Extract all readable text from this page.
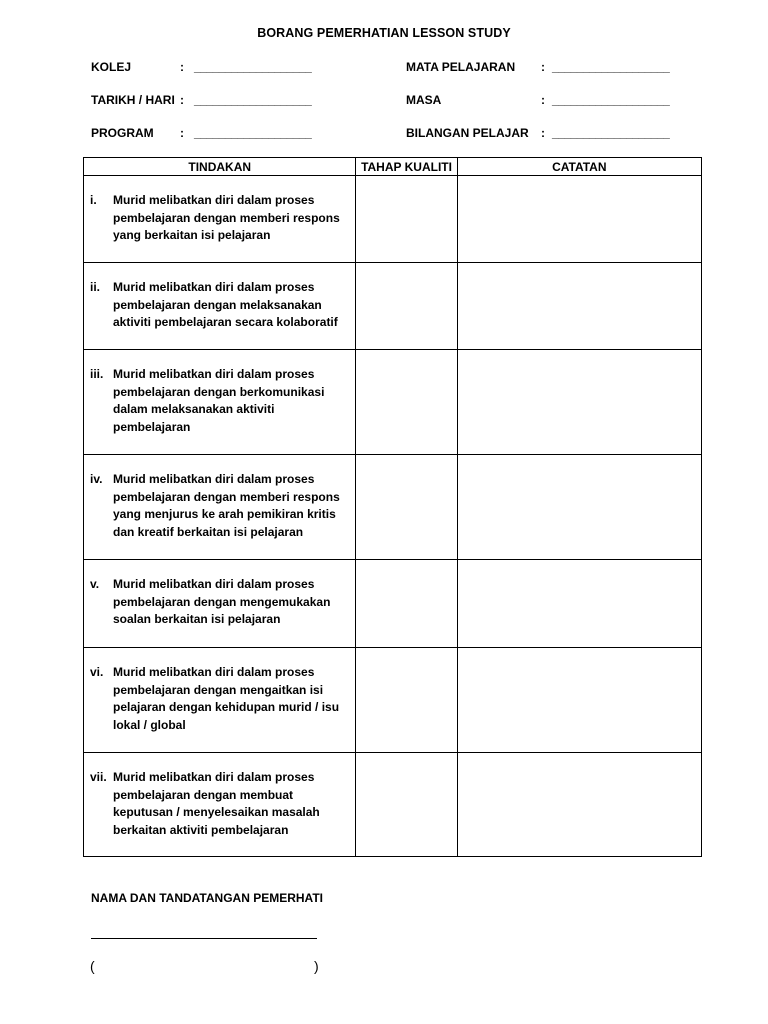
BORANG PEMERHATIAN LESSON STUDY
KOLEJ	: ___________________
TARIKH / HARI : ___________________
PROGRAM : ___________________
MATA PELAJARAN : ___________________
MASA	: ___________________
BILANGAN PELAJAR : ___________________
TINDAKAN	TAHAP KUALITI	CATATAN

i. Murid melibatkan diri dalam proses pembelajaran dengan memberi respons yang berkaitan isi pelajaran		

ii. Murid melibatkan diri dalam proses pembelajaran dengan melaksanakan aktiviti pembelajaran secara kolaboratif		

iii. Murid melibatkan diri dalam proses pembelajaran dengan berkomunikasi dalam melaksanakan aktiviti pembelajaran		

iv. Murid melibatkan diri dalam proses pembelajaran dengan memberi respons yang menjurus ke arah pemikiran kritis dan kreatif berkaitan isi pelajaran		

v. Murid melibatkan diri dalam proses pembelajaran dengan mengemukakan soalan berkaitan isi pelajaran		

vi. Murid melibatkan diri dalam proses pembelajaran dengan mengaitkan isi pelajaran dengan kehidupan murid / isu lokal / global		

vii. Murid melibatkan diri dalam proses pembelajaran dengan membuat keputusan / menyelesaikan masalah berkaitan aktiviti pembelajaran		

NAMA DAN TANDATANGAN PEMERHATI
(	)
